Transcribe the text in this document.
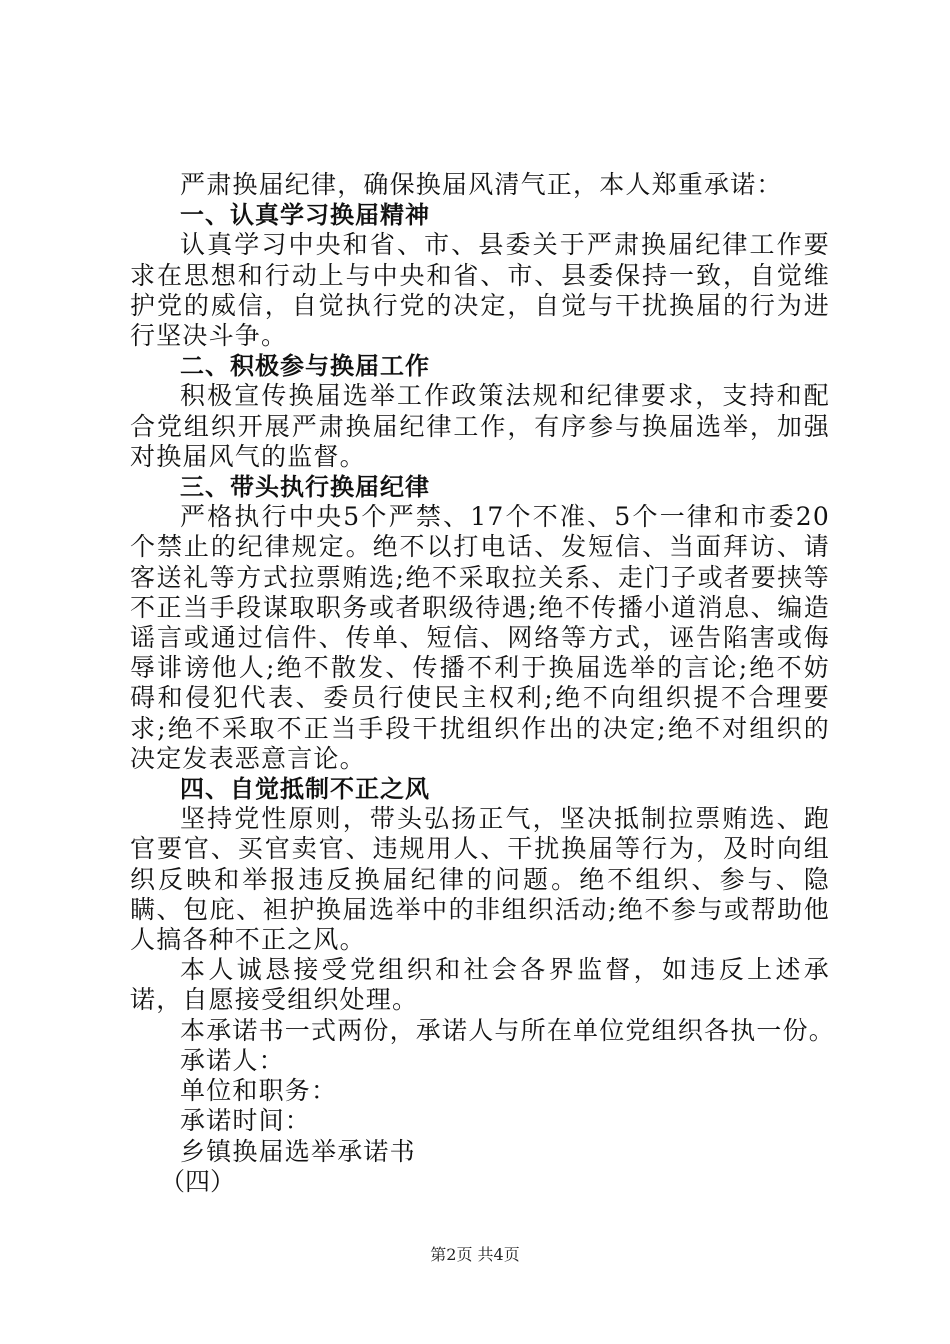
严肃换届纪律，确保换届风清气正，本人郑重承诺：

一、认真学习换届精神

认真学习中央和省、市、县委关于严肃换届纪律工作要求在思想和行动上与中央和省、市、县委保持一致，自觉维护党的威信，自觉执行党的决定，自觉与干扰换届的行为进行坚决斗争。

二、积极参与换届工作

积极宣传换届选举工作政策法规和纪律要求，支持和配合党组织开展严肃换届纪律工作，有序参与换届选举，加强对换届风气的监督。

三、带头执行换届纪律

严格执行中央5个严禁、17个不准、5个一律和市委20个禁止的纪律规定。绝不以打电话、发短信、当面拜访、请客送礼等方式拉票贿选;绝不采取拉关系、走门子或者要挟等不正当手段谋取职务或者职级待遇;绝不传播小道消息、编造谣言或通过信件、传单、短信、网络等方式，诬告陷害或侮辱诽谤他人;绝不散发、传播不利于换届选举的言论;绝不妨碍和侵犯代表、委员行使民主权利;绝不向组织提不合理要求;绝不采取不正当手段干扰组织作出的决定;绝不对组织的决定发表恶意言论。

四、自觉抵制不正之风

坚持党性原则，带头弘扬正气，坚决抵制拉票贿选、跑官要官、买官卖官、违规用人、干扰换届等行为，及时向组织反映和举报违反换届纪律的问题。绝不组织、参与、隐瞒、包庇、袒护换届选举中的非组织活动;绝不参与或帮助他人搞各种不正之风。

本人诚恳接受党组织和社会各界监督，如违反上述承诺，自愿接受组织处理。

本承诺书一式两份，承诺人与所在单位党组织各执一份。

承诺人：

单位和职务：

承诺时间：

乡镇换届选举承诺书

（四）

第2页 共4页
